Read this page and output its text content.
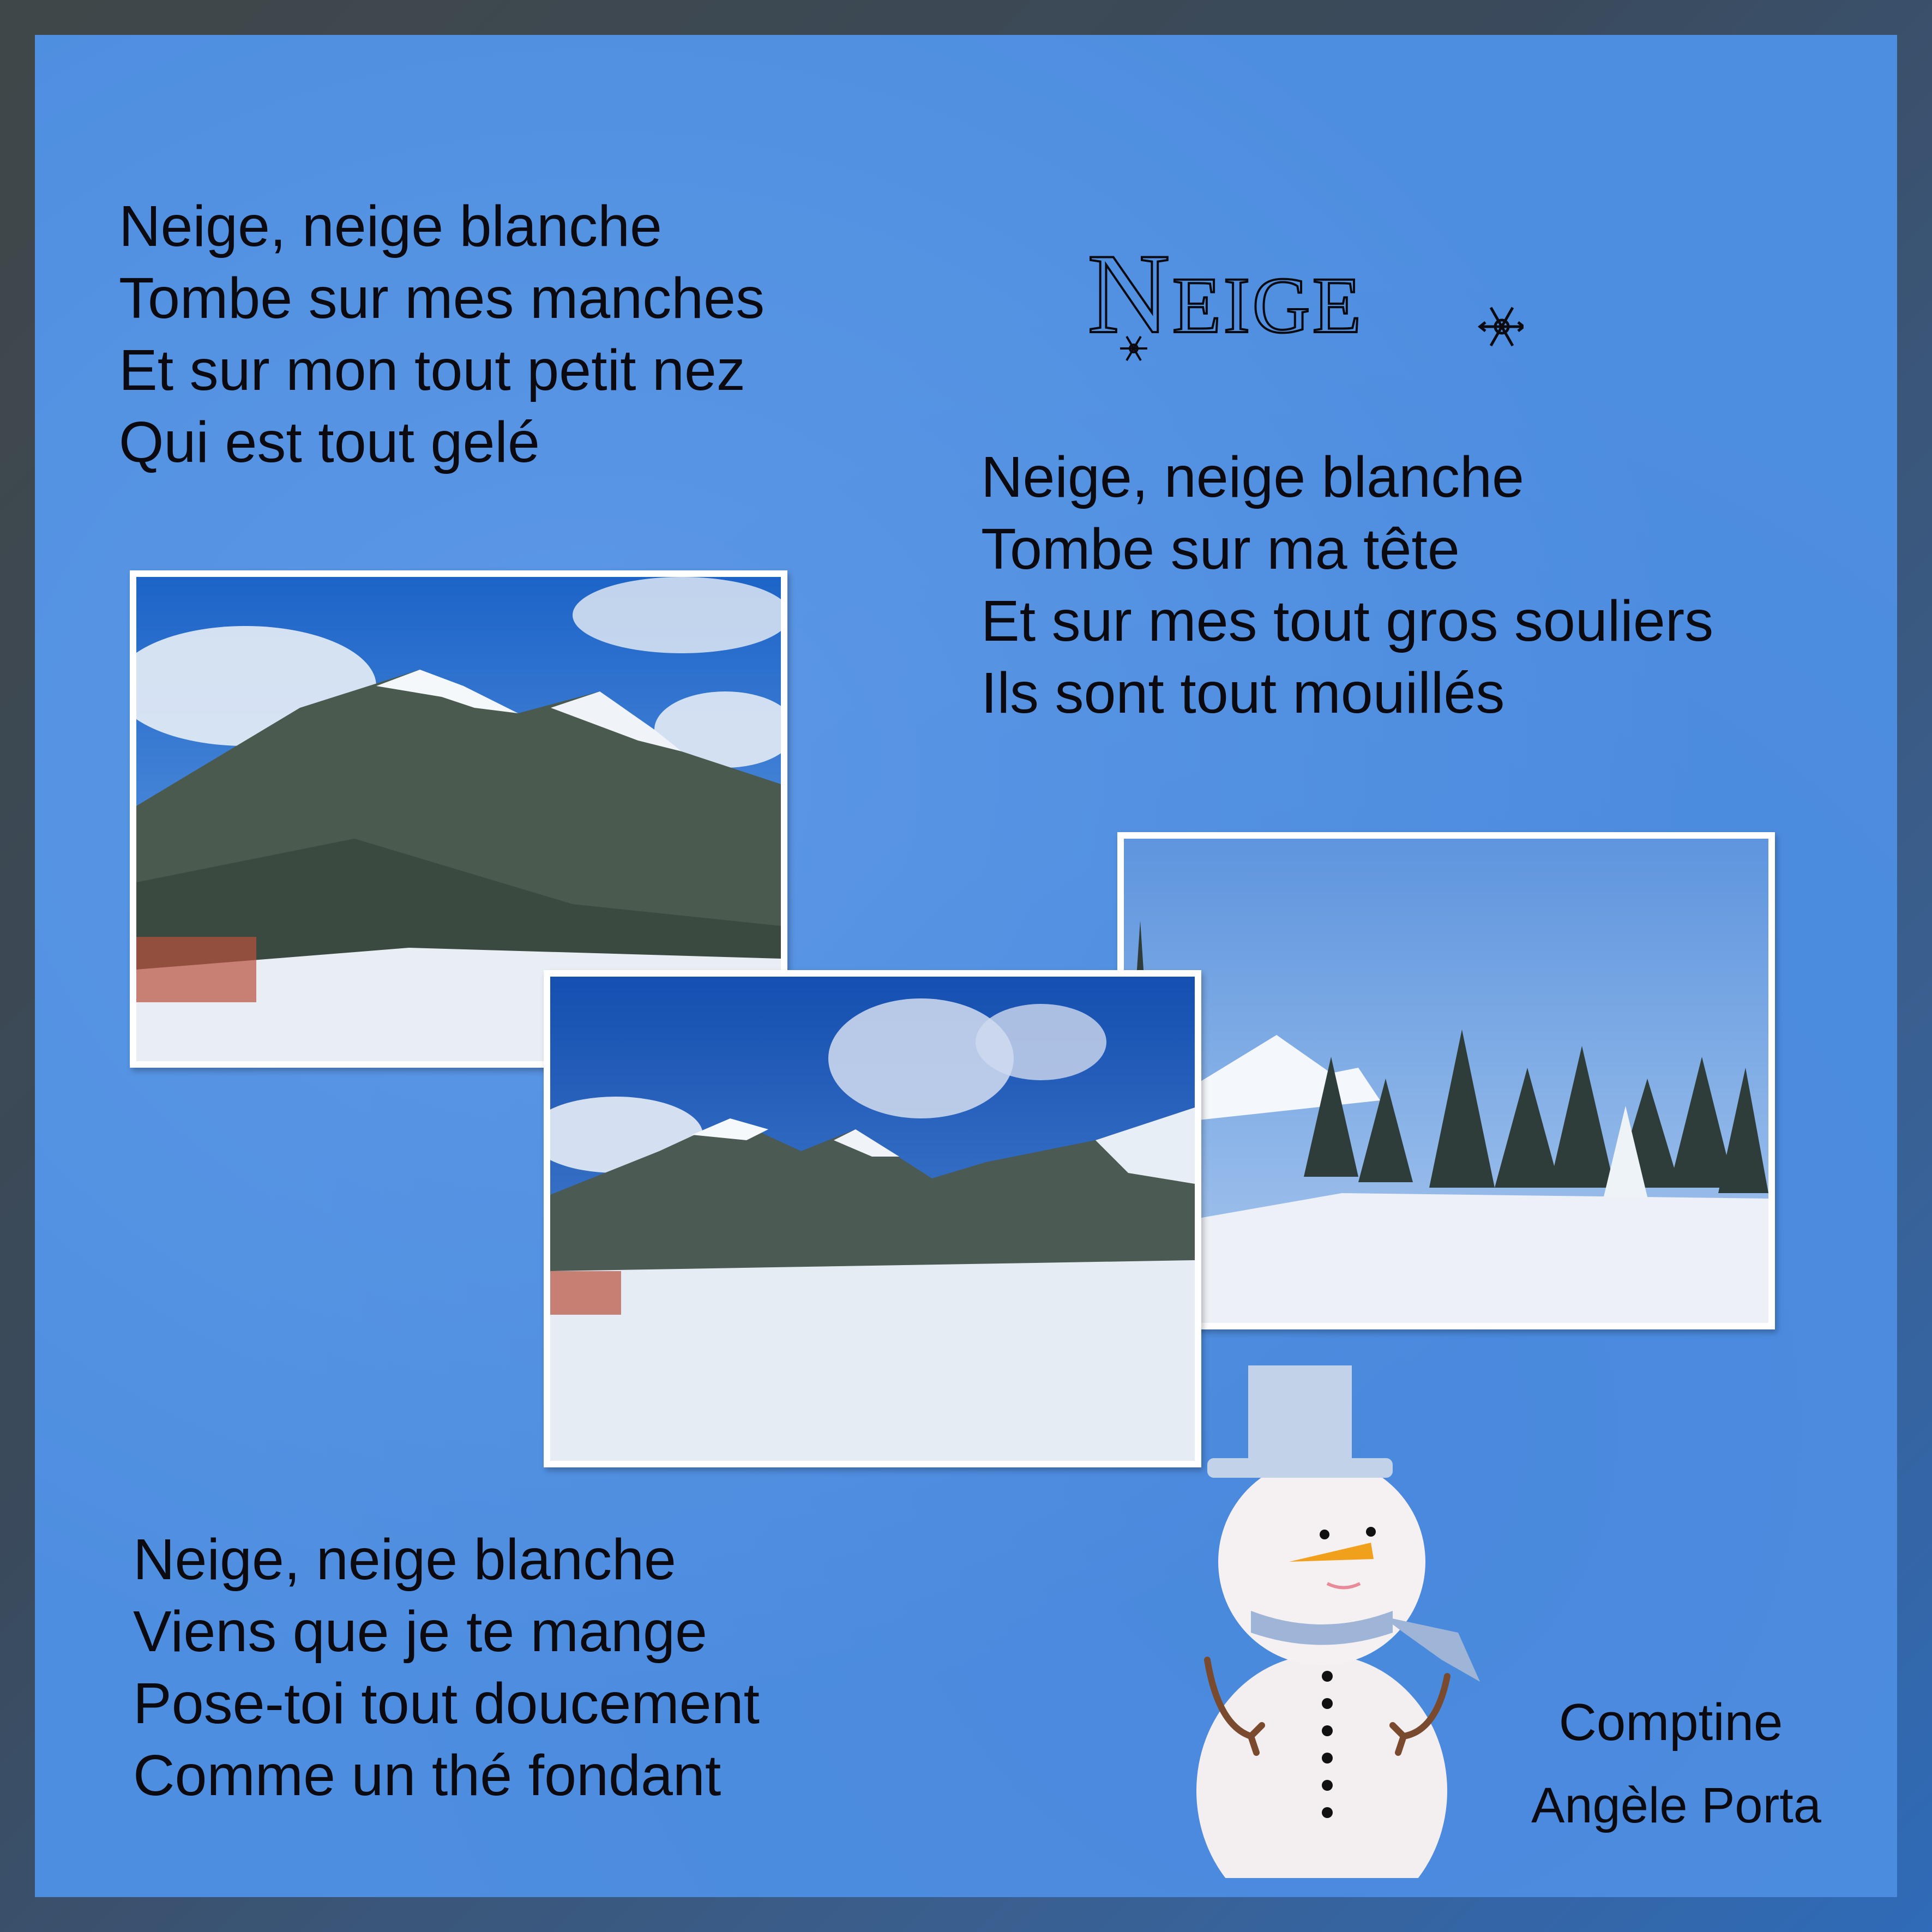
Neige, neige blanche
Tombe sur mes manches
Et sur mon tout petit nez
Qui est tout gelé
Neige
Neige, neige blanche
Tombe sur ma tête
Et sur mes tout gros souliers
Ils sont tout mouillés
Neige, neige blanche
Viens que je te mange
Pose-toi tout doucement
Comme un thé fondant
Comptine
Angèle Porta
